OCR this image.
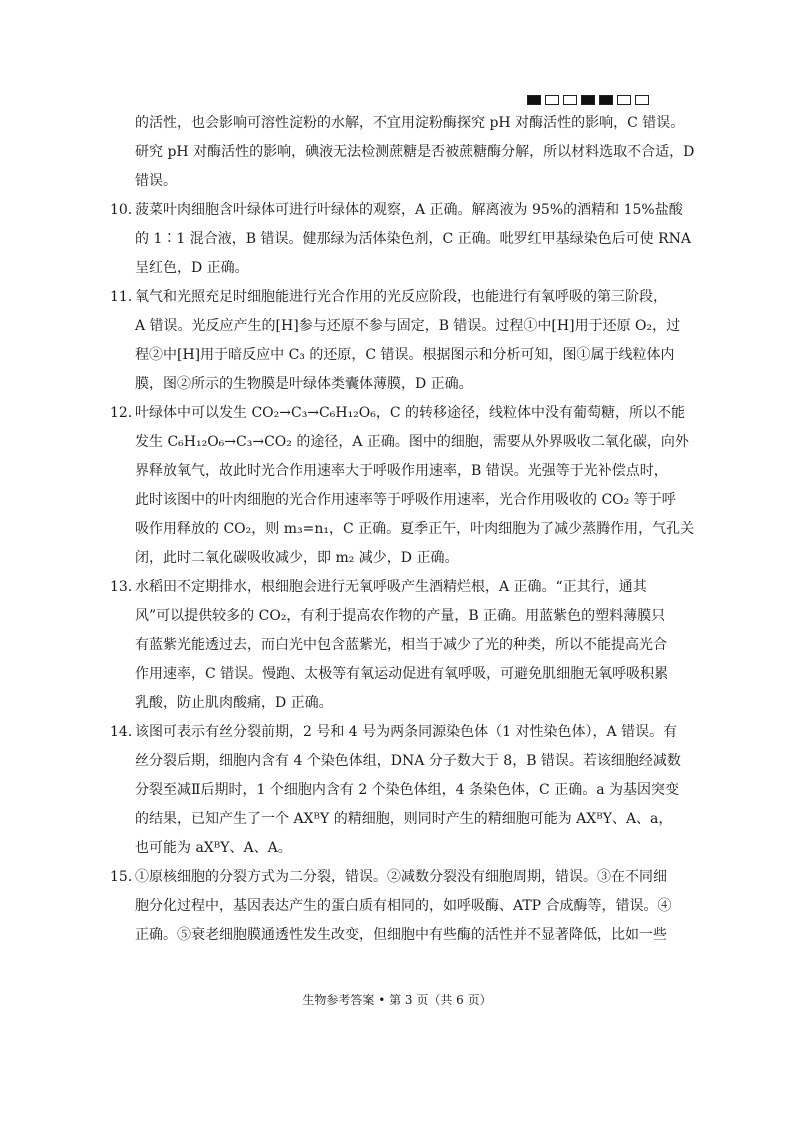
的活性，也会影响可溶性淀粉的水解，不宜用淀粉酶探究 pH 对酶活性的影响，C 错误。
研究 pH 对酶活性的影响，碘液无法检测蔗糖是否被蔗糖酶分解，所以材料选取不合适，D
错误。
10．菠菜叶肉细胞含叶绿体可进行叶绿体的观察，A 正确。解离液为 95%的酒精和 15%盐酸
的 1∶1 混合液，B 错误。健那绿为活体染色剂，C 正确。吡罗红甲基绿染色后可使 RNA
呈红色，D 正确。
11．氧气和光照充足时细胞能进行光合作用的光反应阶段，也能进行有氧呼吸的第三阶段，
A 错误。光反应产生的[H]参与还原不参与固定，B 错误。过程①中[H]用于还原 O₂，过
程②中[H]用于暗反应中 C₃ 的还原，C 错误。根据图示和分析可知，图①属于线粒体内
膜，图②所示的生物膜是叶绿体类囊体薄膜，D 正确。
12．叶绿体中可以发生 CO₂→C₃→C₆H₁₂O₆，C 的转移途径，线粒体中没有葡萄糖，所以不能
发生 C₆H₁₂O₆→C₃→CO₂ 的途径，A 正确。图中的细胞，需要从外界吸收二氧化碳，向外
界释放氧气，故此时光合作用速率大于呼吸作用速率，B 错误。光强等于光补偿点时，
此时该图中的叶肉细胞的光合作用速率等于呼吸作用速率，光合作用吸收的 CO₂ 等于呼
吸作用释放的 CO₂，则 m₃=n₁，C 正确。夏季正午，叶肉细胞为了减少蒸腾作用，气孔关
闭，此时二氧化碳吸收减少，即 m₂ 减少，D 正确。
13．水稻田不定期排水，根细胞会进行无氧呼吸产生酒精烂根，A 正确。“正其行，通其
风”可以提供较多的 CO₂，有利于提高农作物的产量，B 正确。用蓝紫色的塑料薄膜只
有蓝紫光能透过去，而白光中包含蓝紫光，相当于减少了光的种类，所以不能提高光合
作用速率，C 错误。慢跑、太极等有氧运动促进有氧呼吸，可避免肌细胞无氧呼吸积累
乳酸，防止肌肉酸痛，D 正确。
14．该图可表示有丝分裂前期，2 号和 4 号为两条同源染色体（1 对性染色体），A 错误。有
丝分裂后期，细胞内含有 4 个染色体组，DNA 分子数大于 8，B 错误。若该细胞经减数
分裂至减Ⅱ后期时，1 个细胞内含有 2 个染色体组，4 条染色体，C 正确。a 为基因突变
的结果，已知产生了一个 AXᴮY 的精细胞，则同时产生的精细胞可能为 AXᴮY、A、a，
也可能为 aXᴮY、A、A。
15．①原核细胞的分裂方式为二分裂，错误。②减数分裂没有细胞周期，错误。③在不同细
胞分化过程中，基因表达产生的蛋白质有相同的，如呼吸酶、ATP 合成酶等，错误。④
正确。⑤衰老细胞膜通透性发生改变，但细胞中有些酶的活性并不显著降低，比如一些
生物参考答案 • 第 3 页（共 6 页）
